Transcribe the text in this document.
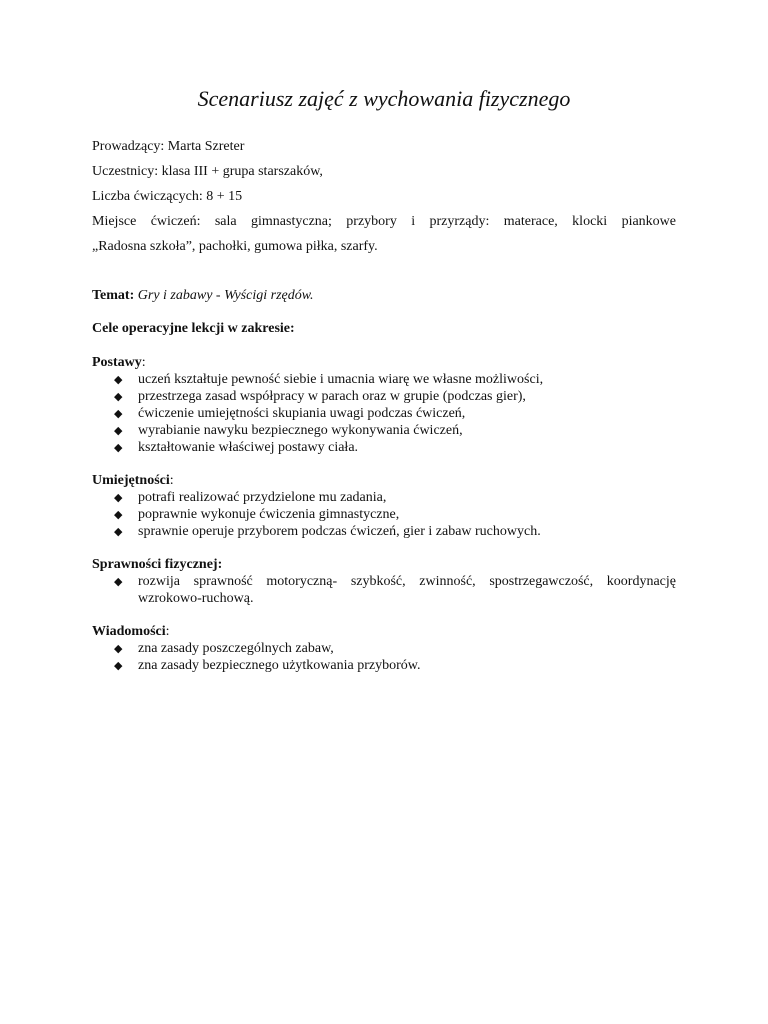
Scenariusz zajęć z wychowania fizycznego

Prowadzący: Marta Szreter

Uczestnicy: klasa III + grupa starszaków,

Liczba ćwiczących: 8 + 15

Miejsce ćwiczeń: sala gimnastyczna; przybory i przyrządy: materace, klocki piankowe

„Radosna szkoła”, pachołki, gumowa piłka, szarfy.

Temat: Gry i zabawy - Wyścigi rzędów.
Cele operacyjne lekcji w zakresie:
Postawy:
◆ uczeń kształtuje pewność siebie i umacnia wiarę we własne możliwości,
◆ przestrzega zasad współpracy w parach oraz w grupie (podczas gier),
◆ ćwiczenie umiejętności skupiania uwagi podczas ćwiczeń,
◆ wyrabianie nawyku bezpiecznego wykonywania ćwiczeń,
◆ kształtowanie właściwej postawy ciała.
Umiejętności:
◆ potrafi realizować przydzielone mu zadania,
◆ poprawnie wykonuje ćwiczenia gimnastyczne,
◆ sprawnie operuje przyborem podczas ćwiczeń, gier i zabaw ruchowych.
Sprawności fizycznej:
◆ rozwija sprawność motoryczną- szybkość, zwinność, spostrzegawczość, koordynację wzrokowo-ruchową.
Wiadomości:
◆ zna zasady poszczególnych zabaw,
◆ zna zasady bezpiecznego użytkowania przyborów.
